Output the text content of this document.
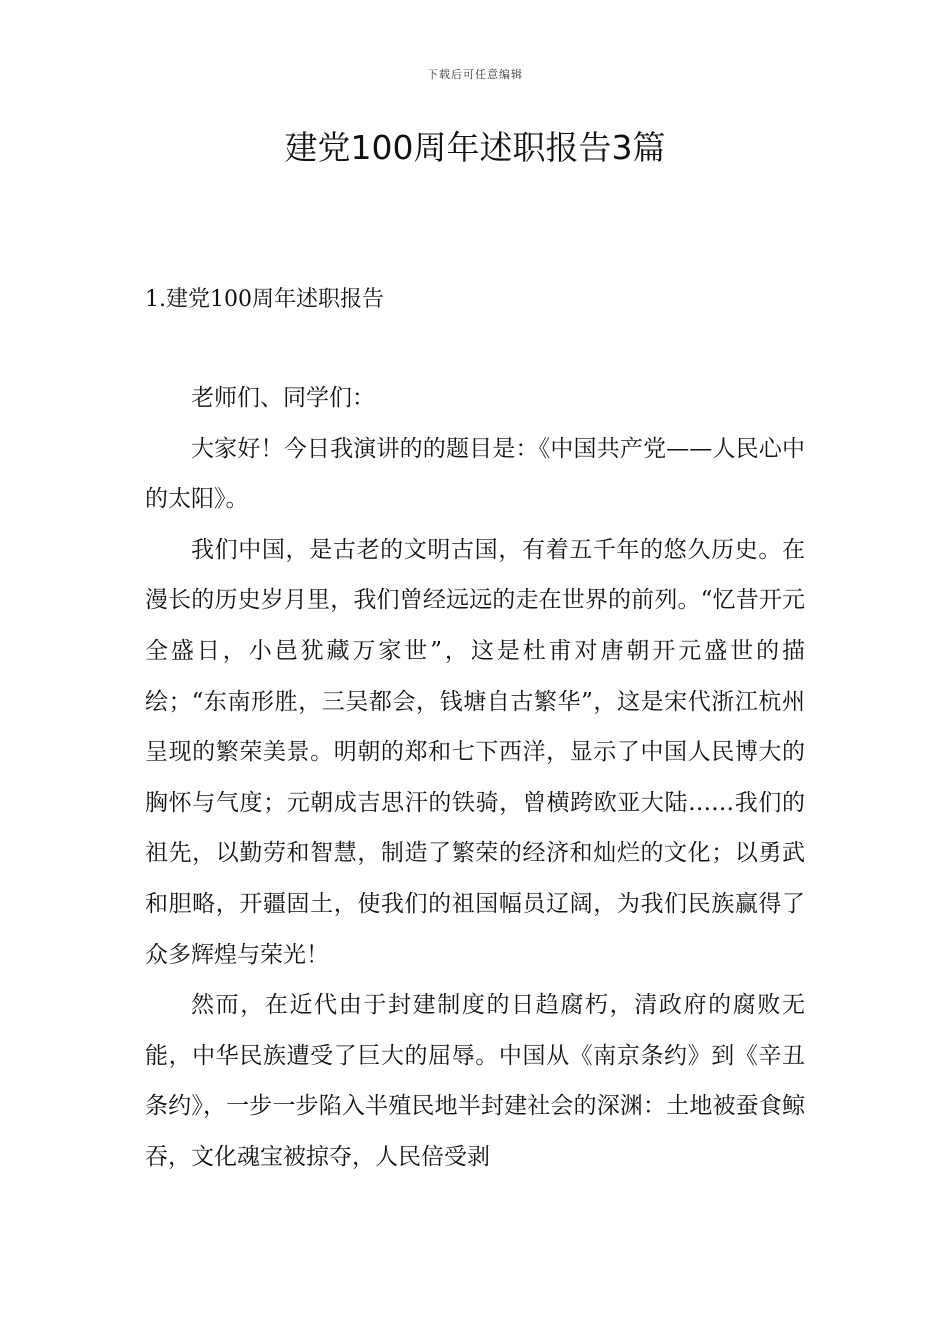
下载后可任意编辑
建党100周年述职报告3篇
1.建党100周年述职报告

老师们、同学们：

大家好！今日我演讲的的题目是：《中国共产党——人民心中的太阳》。

我们中国，是古老的文明古国，有着五千年的悠久历史。在漫长的历史岁月里，我们曾经远远的走在世界的前列。“忆昔开元全盛日，小邑犹藏万家世”，这是杜甫对唐朝开元盛世的描绘；“东南形胜，三吴都会，钱塘自古繁华”，这是宋代浙江杭州呈现的繁荣美景。明朝的郑和七下西洋，显示了中国人民博大的胸怀与气度；元朝成吉思汗的铁骑，曾横跨欧亚大陆……我们的祖先，以勤劳和智慧，制造了繁荣的经济和灿烂的文化；以勇武和胆略，开疆固土，使我们的祖国幅员辽阔，为我们民族赢得了众多辉煌与荣光！

然而，在近代由于封建制度的日趋腐朽，清政府的腐败无能，中华民族遭受了巨大的屈辱。中国从《南京条约》到《辛丑条约》，一步一步陷入半殖民地半封建社会的深渊：土地被蚕食鲸吞，文化魂宝被掠夺，人民倍受剥
